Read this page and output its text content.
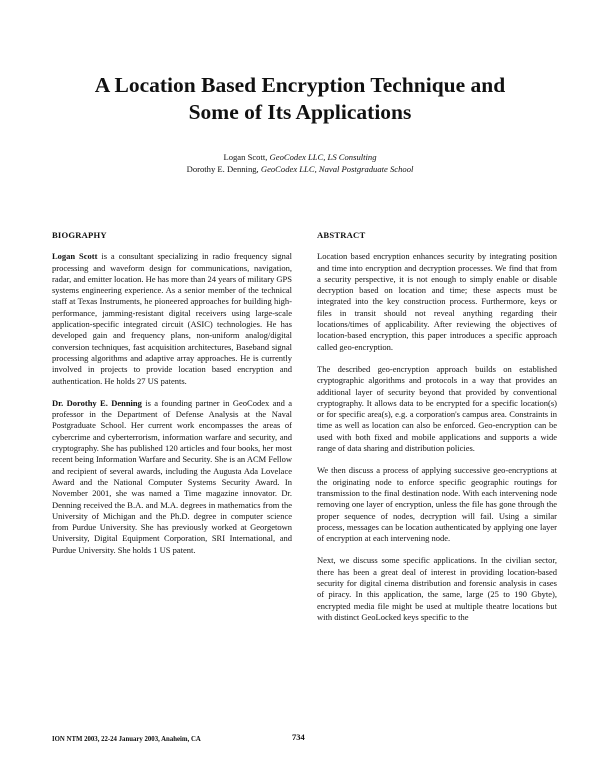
A Location Based Encryption Technique and
Some of Its Applications
Logan Scott, GeoCodex LLC, LS Consulting
Dorothy E. Denning, GeoCodex LLC, Naval Postgraduate School
BIOGRAPHY

Logan Scott is a consultant specializing in radio frequency signal processing and waveform design for communications, navigation, radar, and emitter location. He has more than 24 years of military GPS systems engineering experience. As a senior member of the technical staff at Texas Instruments, he pioneered approaches for building high-performance, jamming-resistant digital receivers using large-scale application-specific integrated circuit (ASIC) technologies. He has developed gain and frequency plans, non-uniform analog/digital conversion techniques, fast acquisition architectures, Baseband signal processing algorithms and adaptive array approaches. He is currently involved in projects to provide location based encryption and authentication. He holds 27 US patents.

Dr. Dorothy E. Denning is a founding partner in GeoCodex and a professor in the Department of Defense Analysis at the Naval Postgraduate School. Her current work encompasses the areas of cybercrime and cyberterrorism, information warfare and security, and cryptography. She has published 120 articles and four books, her most recent being Information Warfare and Security. She is an ACM Fellow and recipient of several awards, including the Augusta Ada Lovelace Award and the National Computer Systems Security Award. In November 2001, she was named a Time magazine innovator. Dr. Denning received the B.A. and M.A. degrees in mathematics from the University of Michigan and the Ph.D. degree in computer science from Purdue University. She has previously worked at Georgetown University, Digital Equipment Corporation, SRI International, and Purdue University. She holds 1 US patent.

ABSTRACT

Location based encryption enhances security by integrating position and time into encryption and decryption processes. We find that from a security perspective, it is not enough to simply enable or disable decryption based on location and time; these aspects must be integrated into the key construction process. Furthermore, keys or files in transit should not reveal anything regarding their locations/times of applicability. After reviewing the objectives of location-based encryption, this paper introduces a specific approach called geo-encryption.

The described geo-encryption approach builds on established cryptographic algorithms and protocols in a way that provides an additional layer of security beyond that provided by conventional cryptography. It allows data to be encrypted for a specific location(s) or for specific area(s), e.g. a corporation's campus area. Constraints in time as well as location can also be enforced. Geo-encryption can be used with both fixed and mobile applications and supports a wide range of data sharing and distribution policies.

We then discuss a process of applying successive geo-encryptions at the originating node to enforce specific geographic routings for transmission to the final destination node. With each intervening node removing one layer of encryption, unless the file has gone through the proper sequence of nodes, decryption will fail. Using a similar process, messages can be location authenticated by applying one layer of encryption at each intervening node.

Next, we discuss some specific applications. In the civilian sector, there has been a great deal of interest in providing location-based security for digital cinema distribution and forensic analysis in cases of piracy. In this application, the same, large (25 to 190 Gbyte), encrypted media file might be used at multiple theatre locations but with distinct GeoLocked keys specific to the

ION NTM 2003, 22-24 January 2003, Anaheim, CA	734
